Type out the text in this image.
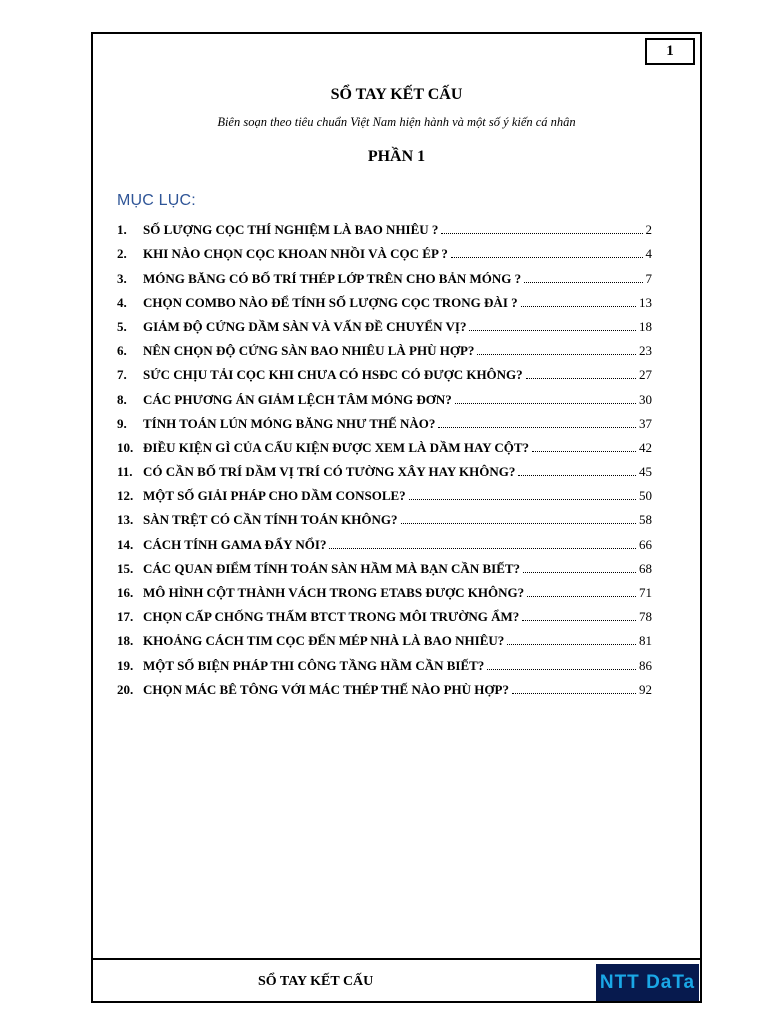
1
SỔ TAY KẾT CẤU
Biên soạn theo tiêu chuẩn Việt Nam hiện hành và một số ý kiến cá nhân
PHẦN 1
MỤC LỤC:
1.	SỐ LƯỢNG CỌC THÍ NGHIỆM LÀ BAO NHIÊU ?	2
2.	KHI NÀO CHỌN CỌC KHOAN NHỒI VÀ CỌC ÉP ?	4
3.	MÓNG BĂNG CÓ BỐ TRÍ THÉP LỚP TRÊN CHO BẢN MÓNG ?	7
4.	CHỌN COMBO NÀO ĐỂ TÍNH SỐ LƯỢNG CỌC TRONG ĐÀI ?	13
5.	GIẢM ĐỘ CỨNG DẦM SÀN VÀ VẤN ĐỀ CHUYỂN VỊ?	18
6.	NÊN CHỌN ĐỘ CỨNG SÀN BAO NHIÊU LÀ PHÙ HỢP?	23
7.	SỨC CHỊU TẢI CỌC KHI CHƯA CÓ HSĐC CÓ ĐƯỢC KHÔNG?	27
8.	CÁC PHƯƠNG ÁN GIẢM LỆCH TÂM MÓNG ĐƠN?	30
9.	TÍNH TOÁN LÚN MÓNG BĂNG NHƯ THẾ NÀO?	37
10. ĐIỀU KIỆN GÌ CỦA CẤU KIỆN ĐƯỢC XEM LÀ DẦM HAY CỘT?	42
11. CÓ CẦN BỐ TRÍ DẦM VỊ TRÍ CÓ TƯỜNG XÂY HAY KHÔNG?	45
12. MỘT SỐ GIẢI PHÁP CHO DẦM CONSOLE?	50
13. SÀN TRỆT CÓ CẦN TÍNH TOÁN KHÔNG?	58
14. CÁCH TÍNH GAMA ĐẨY NỔI?	66
15. CÁC QUAN ĐIỂM TÍNH TOÁN SÀN HẦM MÀ BẠN CẦN BIẾT?	68
16. MÔ HÌNH CỘT THÀNH VÁCH TRONG ETABS ĐƯỢC KHÔNG?	71
17. CHỌN CẤP CHỐNG THẤM BTCT TRONG MÔI TRƯỜNG ẨM?	78
18. KHOẢNG CÁCH TIM CỌC ĐẾN MÉP NHÀ LÀ BAO NHIÊU?	81
19. MỘT SỐ BIỆN PHÁP THI CÔNG TẦNG HẦM CẦN BIẾT?	86
20. CHỌN MÁC BÊ TÔNG VỚI MÁC THÉP THẾ NÀO PHÙ HỢP?	92
SỔ TAY KẾT CẤU	NTT DaTa
